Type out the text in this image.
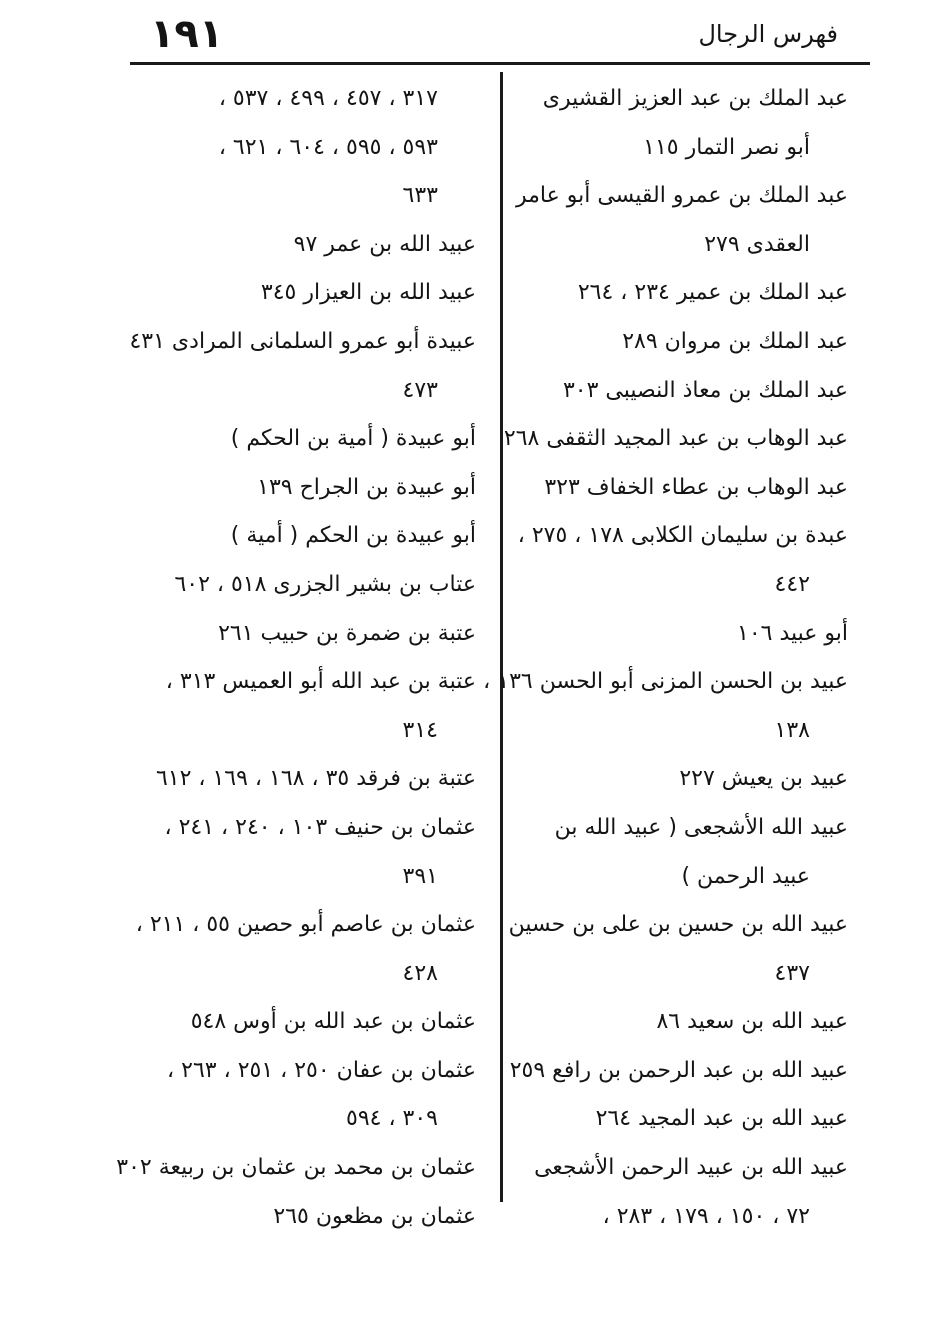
١٩١	فهرس الرجال
عبد الملك بن عبد العزيز القشيرى
أبو نصر التمار ١١٥
عبد الملك بن عمرو القيسى أبو عامر
العقدى ٢٧٩
عبد الملك بن عمير ٢٣٤ ، ٢٦٤
عبد الملك بن مروان ٢٨٩
عبد الملك بن معاذ النصيبى ٣٠٣
عبد الوهاب بن عبد المجيد الثقفى ٢٦٨
عبد الوهاب بن عطاء الخفاف ٣٢٣
عبدة بن سليمان الكلابى ١٧٨ ، ٢٧٥ ،
٤٤٢
أبو عبيد ١٠٦
عبيد بن الحسن المزنى أبو الحسن ١٣٦ ،
١٣٨
عبيد بن يعيش ٢٢٧
عبيد الله الأشجعى ( عبيد الله بن
عبيد الرحمن )
عبيد الله بن حسين بن على بن حسين
٤٣٧
عبيد الله بن سعيد ٨٦
عبيد الله بن عبد الرحمن بن رافع ٢٥٩
عبيد الله بن عبد المجيد ٢٦٤
عبيد الله بن عبيد الرحمن الأشجعى
٧٢ ، ١٥٠ ، ١٧٩ ، ٢٨٣ ،
٣١٧ ، ٤٥٧ ، ٤٩٩ ، ٥٣٧ ،
٥٩٣ ، ٥٩٥ ، ٦٠٤ ، ٦٢١ ،
٦٣٣
عبيد الله بن عمر ٩٧
عبيد الله بن العيزار ٣٤٥
عبيدة أبو عمرو السلمانى المرادى ٤٣١
٤٧٣
أبو عبيدة ( أمية بن الحكم )
أبو عبيدة بن الجراح ١٣٩
أبو عبيدة بن الحكم ( أمية )
عتاب بن بشير الجزرى ٥١٨ ، ٦٠٢
عتبة بن ضمرة بن حبيب ٢٦١
عتبة بن عبد الله أبو العميس ٣١٣ ،
٣١٤
عتبة بن فرقد ٣٥ ، ١٦٨ ، ١٦٩ ، ٦١٢
عثمان بن حنيف ١٠٣ ، ٢٤٠ ، ٢٤١ ،
٣٩١
عثمان بن عاصم أبو حصين ٥٥ ، ٢١١ ،
٤٢٨
عثمان بن عبد الله بن أوس ٥٤٨
عثمان بن عفان ٢٥٠ ، ٢٥١ ، ٢٦٣ ،
٣٠٩ ، ٥٩٤
عثمان بن محمد بن عثمان بن ربيعة ٣٠٢
عثمان بن مظعون ٢٦٥
